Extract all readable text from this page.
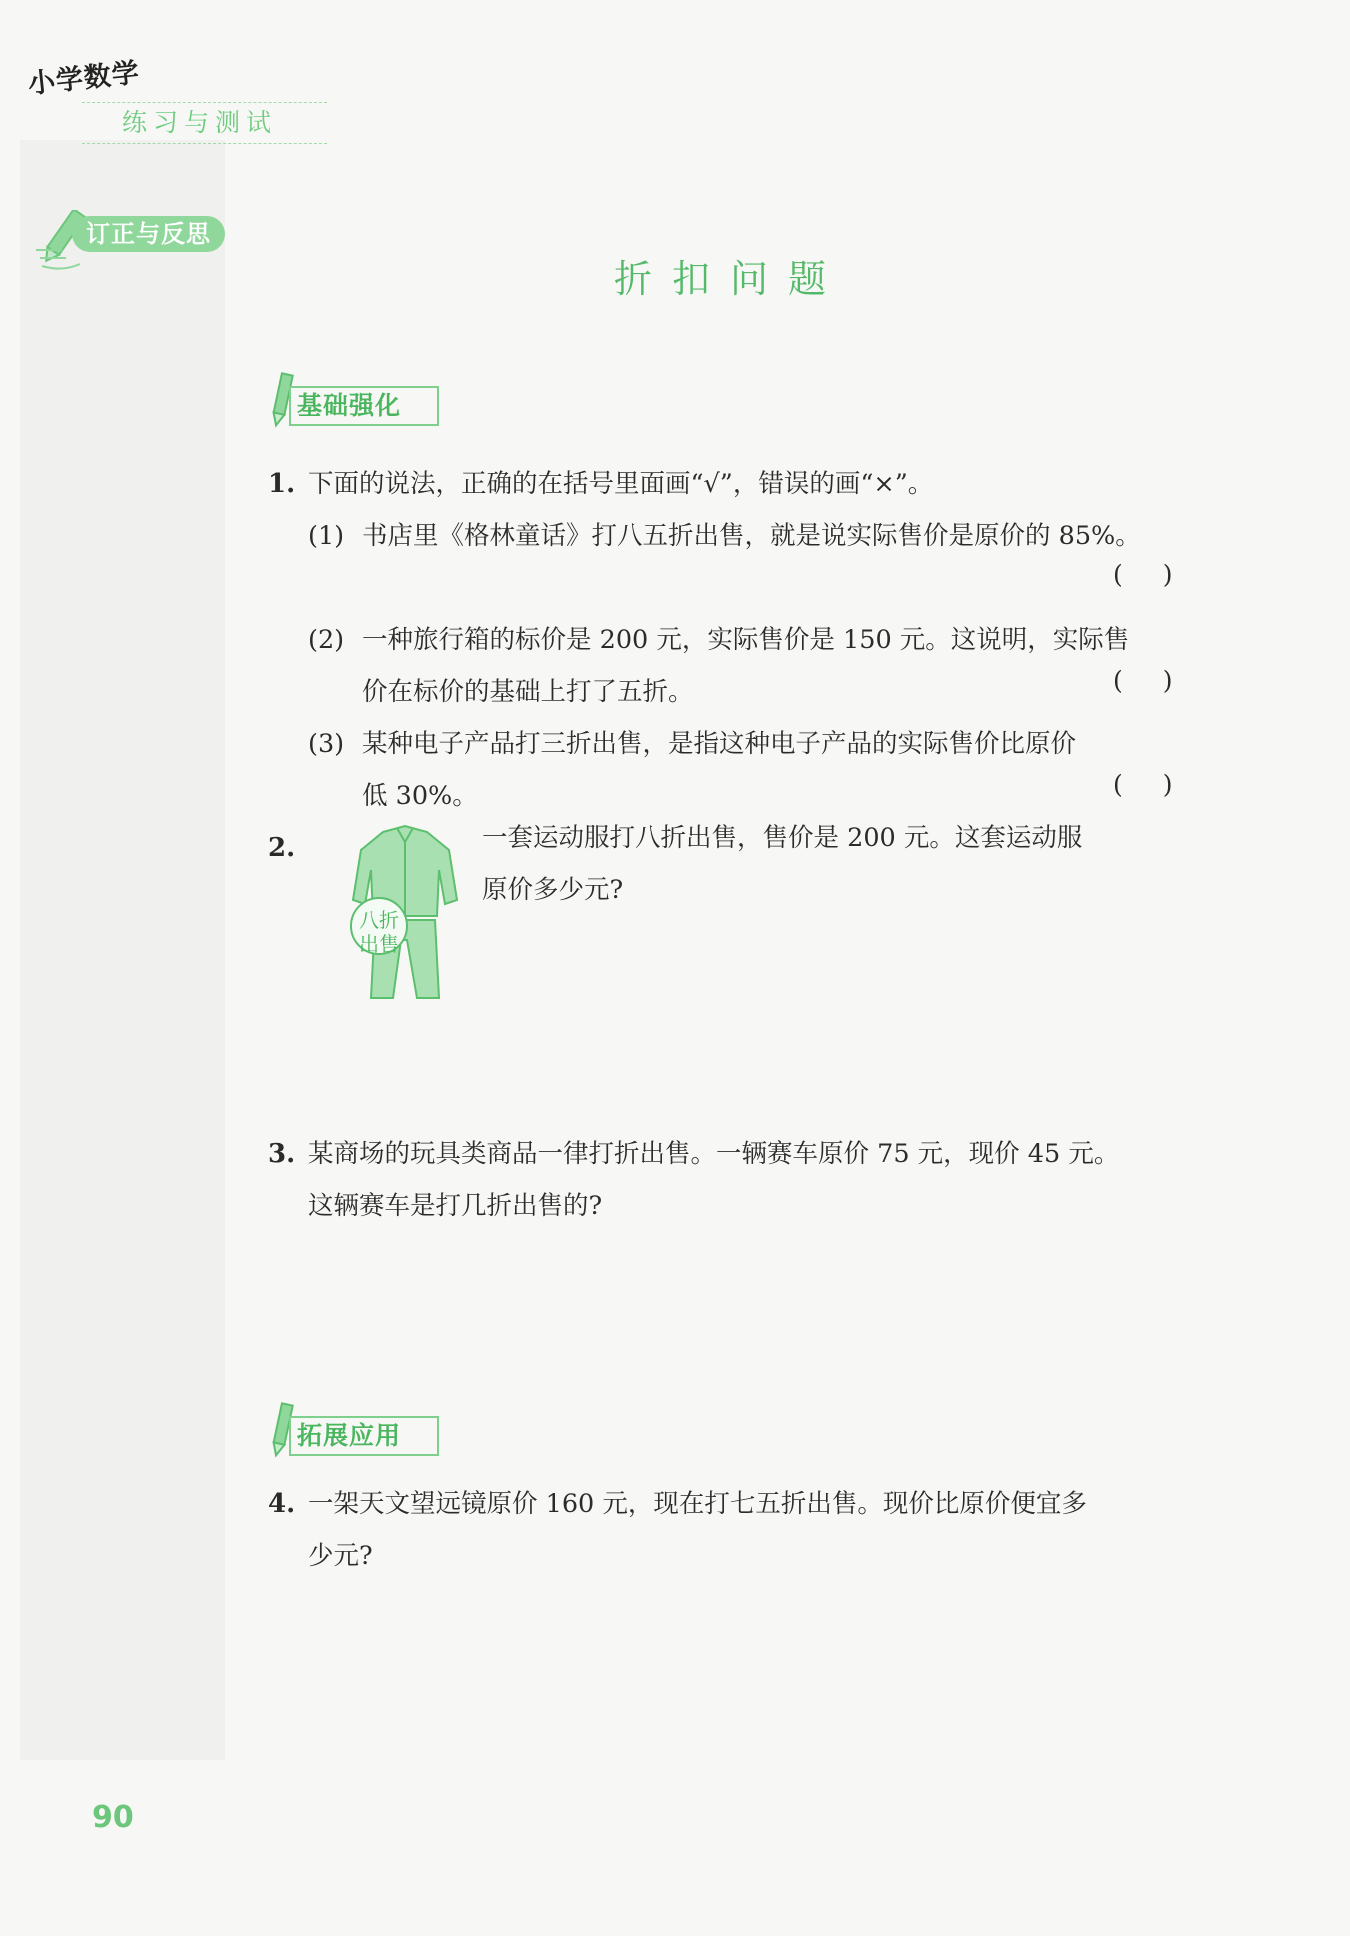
小学数学
练习与测试
订正与反思
折扣问题
基础强化
1. 下面的说法，正确的在括号里面画“√”，错误的画“×”。
(1) 书店里《格林童话》打八五折出售，就是说实际售价是原价的 85%。
( )
(2) 一种旅行箱的标价是 200 元，实际售价是 150 元。这说明，实际售
价在标价的基础上打了五折。	( )
(3) 某种电子产品打三折出售，是指这种电子产品的实际售价比原价
低 30%。	( )
2.
八折
出售
一套运动服打八折出售，售价是 200 元。这套运动服
原价多少元?
3. 某商场的玩具类商品一律打折出售。一辆赛车原价 75 元，现价 45 元。
这辆赛车是打几折出售的?
拓展应用
4. 一架天文望远镜原价 160 元，现在打七五折出售。现价比原价便宜多
少元?
90
